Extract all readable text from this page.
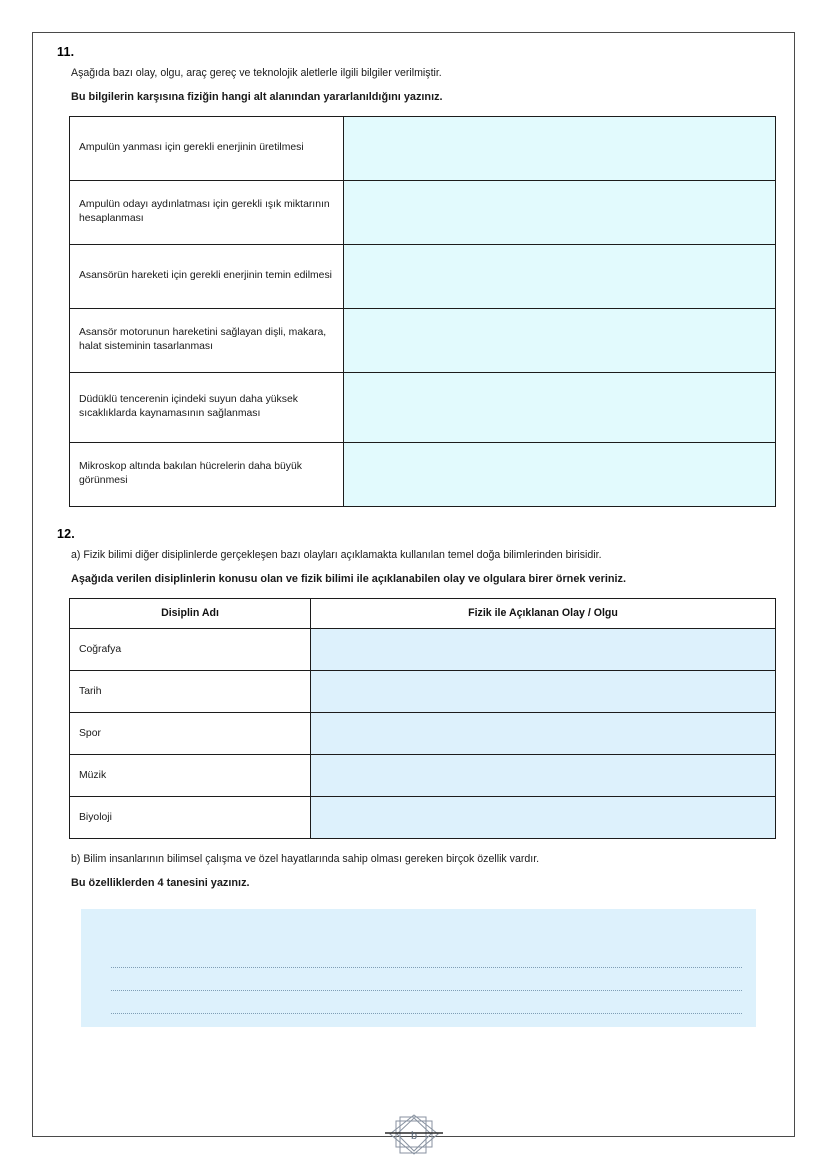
11.

Aşağıda bazı olay, olgu, araç gereç ve teknolojik aletlerle ilgili bilgiler verilmiştir.

Bu bilgilerin karşısına fiziğin hangi alt alanından yararlanıldığını yazınız.

Ampulün yanması için gerekli enerjinin üretilmesi	
Ampulün odayı aydınlatması için gerekli ışık miktarının hesaplanması	
Asansörün hareketi için gerekli enerjinin temin edilmesi	
Asansör motorunun hareketini sağlayan dişli, makara, halat sisteminin tasarlanması	
Düdüklü tencerenin içindeki suyun daha yüksek sıcaklıklarda kaynamasının sağlanması	
Mikroskop altında bakılan hücrelerin daha büyük görünmesi	
12.

a) Fizik bilimi diğer disiplinlerde gerçekleşen bazı olayları açıklamakta kullanılan temel doğa bilimlerinden birisidir.

Aşağıda verilen disiplinlerin konusu olan ve fizik bilimi ile açıklanabilen olay ve olgulara birer örnek veriniz.

Disiplin Adı	Fizik ile Açıklanan Olay / Olgu
Coğrafya	
Tarih	
Spor	
Müzik	
Biyoloji	

b) Bilim insanlarının bilimsel çalışma ve özel hayatlarında sahip olması gereken birçok özellik vardır.

Bu özelliklerden 4 tanesini yazınız.

b
